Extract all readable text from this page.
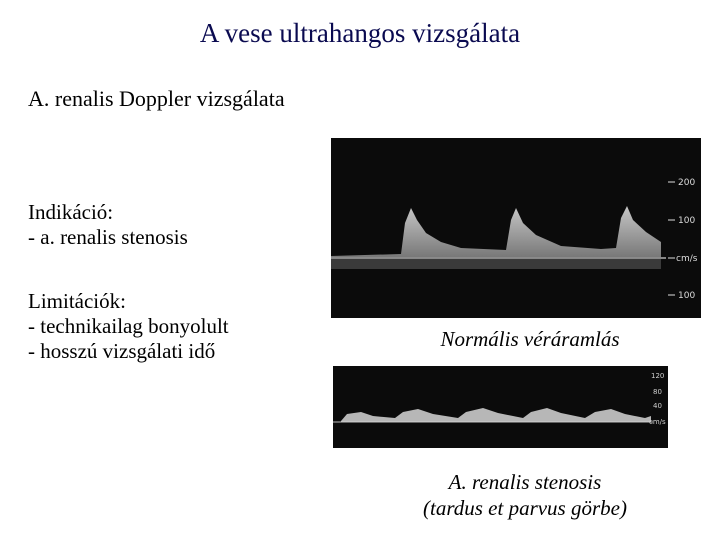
A vese ultrahangos vizsgálata
A. renalis Doppler vizsgálata
Indikáció:
- a. renalis stenosis
Limitációk:
- technikailag bonyolult
- hosszú vizsgálati idő
200
100
cm/s
100
Normális véráramlás
120
80
40
cm/s
A. renalis stenosis
(tardus et parvus görbe)
